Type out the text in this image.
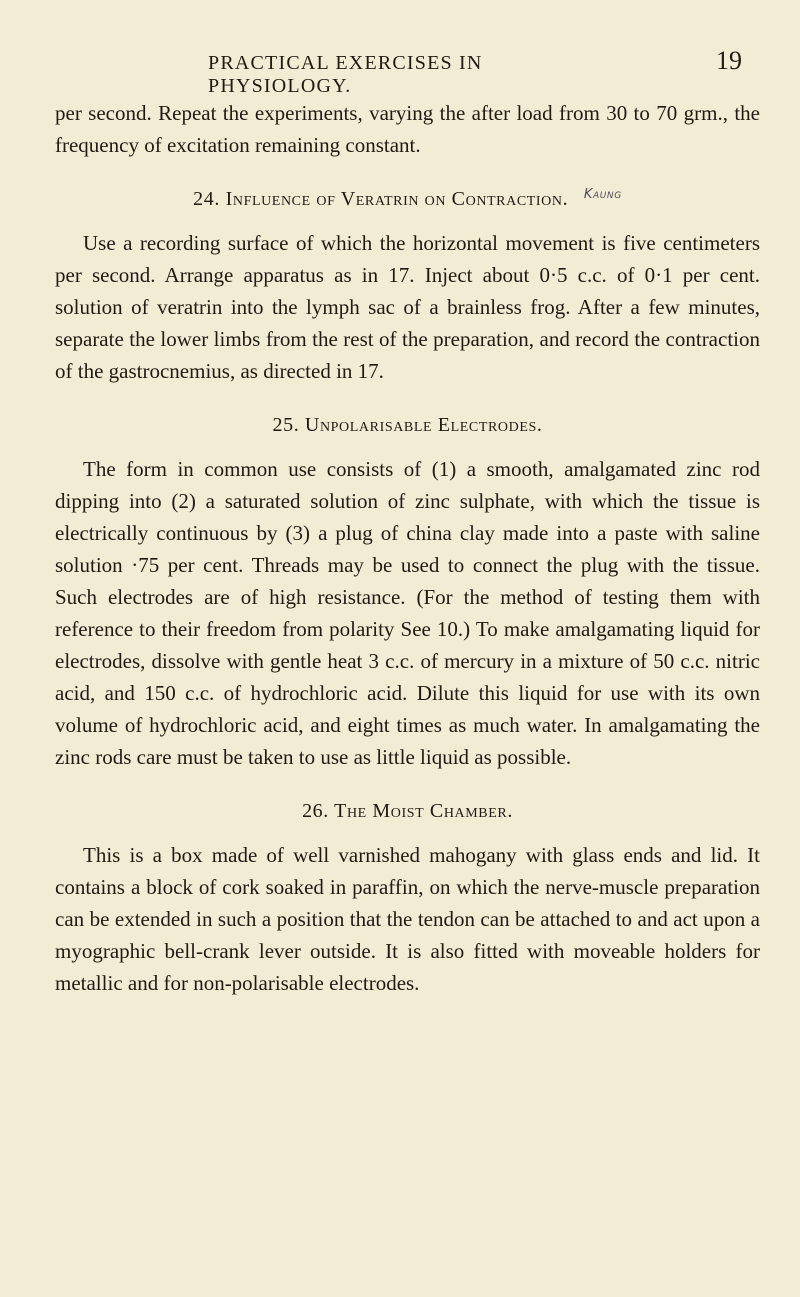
PRACTICAL EXERCISES IN PHYSIOLOGY.
19

per second. Repeat the experiments, varying the after load from 30 to 70 grm., the frequency of excitation remaining constant.

24. Influence of Veratrin on Contraction. $^{Kaung}$

Use a recording surface of which the horizontal movement is five centimeters per second. Arrange apparatus as in 17. Inject about 0·5 c.c. of 0·1 per cent. solution of veratrin into the lymph sac of a brainless frog. After a few minutes, separate the lower limbs from the rest of the preparation, and record the contraction of the gastrocnemius, as directed in 17.

25. Unpolarisable Electrodes.

The form in common use consists of (1) a smooth, amalgamated zinc rod dipping into (2) a saturated solution of zinc sulphate, with which the tissue is electrically continuous by (3) a plug of china clay made into a paste with saline solution ·75 per cent. Threads may be used to connect the plug with the tissue. Such electrodes are of high resistance. (For the method of testing them with reference to their freedom from polarity See 10.) To make amalgamating liquid for electrodes, dissolve with gentle heat 3 c.c. of mercury in a mixture of 50 c.c. nitric acid, and 150 c.c. of hydrochloric acid. Dilute this liquid for use with its own volume of hydrochloric acid, and eight times as much water. In amalgamating the zinc rods care must be taken to use as little liquid as possible.

26. The Moist Chamber.

This is a box made of well varnished mahogany with glass ends and lid. It contains a block of cork soaked in paraffin, on which the nerve-muscle preparation can be extended in such a position that the tendon can be attached to and act upon a myographic bell-crank lever outside. It is also fitted with moveable holders for metallic and for non-polarisable electrodes.
